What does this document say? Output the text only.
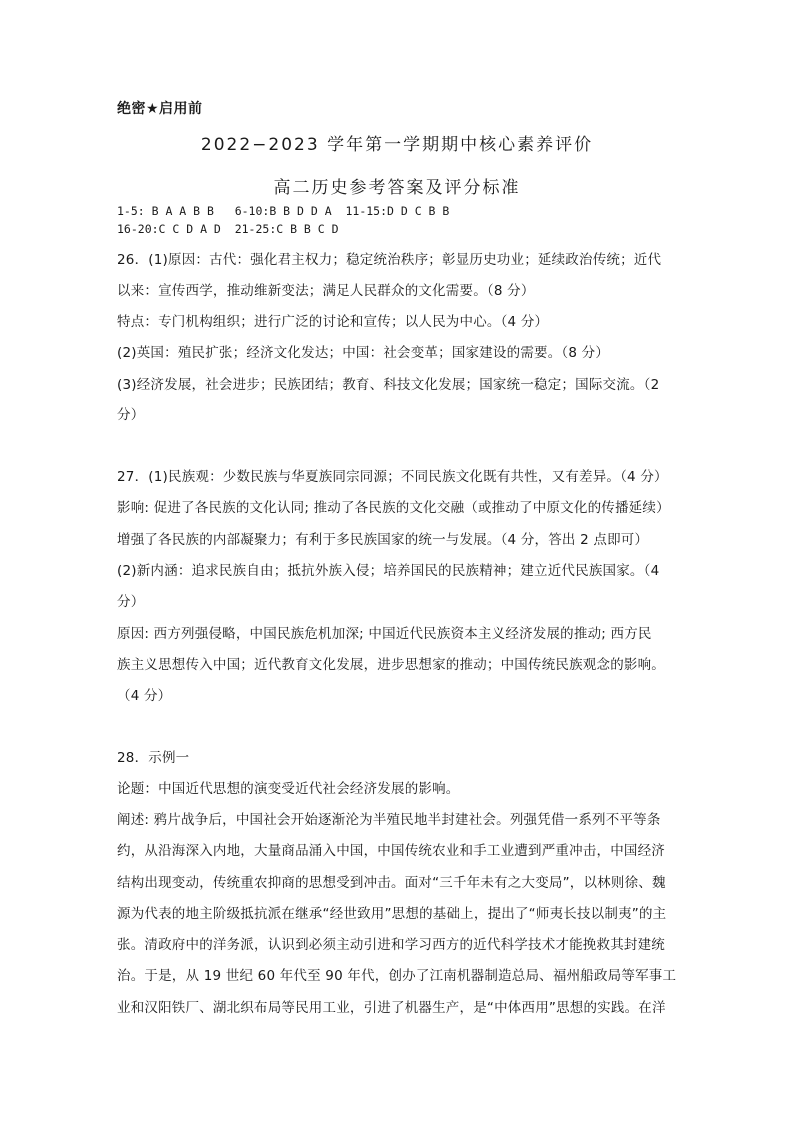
绝密★启用前
2022−2023 学年第一学期期中核心素养评价
高二历史参考答案及评分标准
1-5: B A A B B   6-10:B B D D A  11-15:D D C B B
16-20:C C D A D  21-25:C B B C D
26．(1)原因：古代：强化君主权力；稳定统治秩序；彰显历史功业；延续政治传统；近代
以来：宣传西学，推动维新变法；满足人民群众的文化需要。（8 分）
特点：专门机构组织；进行广泛的讨论和宣传；以人民为中心。（4 分）
(2)英国：殖民扩张；经济文化发达；中国：社会变革；国家建设的需要。（8 分）
(3)经济发展，社会进步；民族团结；教育、科技文化发展；国家统一稳定；国际交流。（2
分）
27．(1)民族观：少数民族与华夏族同宗同源；不同民族文化既有共性，又有差异。（4 分）
影响: 促进了各民族的文化认同; 推动了各民族的文化交融（或推动了中原文化的传播延续）
增强了各民族的内部凝聚力；有利于多民族国家的统一与发展。（4 分，答出 2 点即可）
(2)新内涵：追求民族自由；抵抗外族入侵；培养国民的民族精神；建立近代民族国家。（4
分）
原因: 西方列强侵略，中国民族危机加深; 中国近代民族资本主义经济发展的推动; 西方民
族主义思想传入中国；近代教育文化发展，进步思想家的推动；中国传统民族观念的影响。
（4 分）
28．示例一
论题：中国近代思想的演变受近代社会经济发展的影响。
阐述: 鸦片战争后，中国社会开始逐渐沦为半殖民地半封建社会。列强凭借一系列不平等条
约，从沿海深入内地，大量商品涌入中国，中国传统农业和手工业遭到严重冲击，中国经济
结构出现变动，传统重农抑商的思想受到冲击。面对“三千年未有之大变局”，以林则徐、魏
源为代表的地主阶级抵抗派在继承“经世致用”思想的基础上，提出了“师夷长技以制夷”的主
张。清政府中的洋务派，认识到必须主动引进和学习西方的近代科学技术才能挽救其封建统
治。于是，从 19 世纪 60 年代至 90 年代，创办了江南机器制造总局、福州船政局等军事工
业和汉阳铁厂、湖北织布局等民用工业，引进了机器生产，是“中体西用”思想的实践。在洋
